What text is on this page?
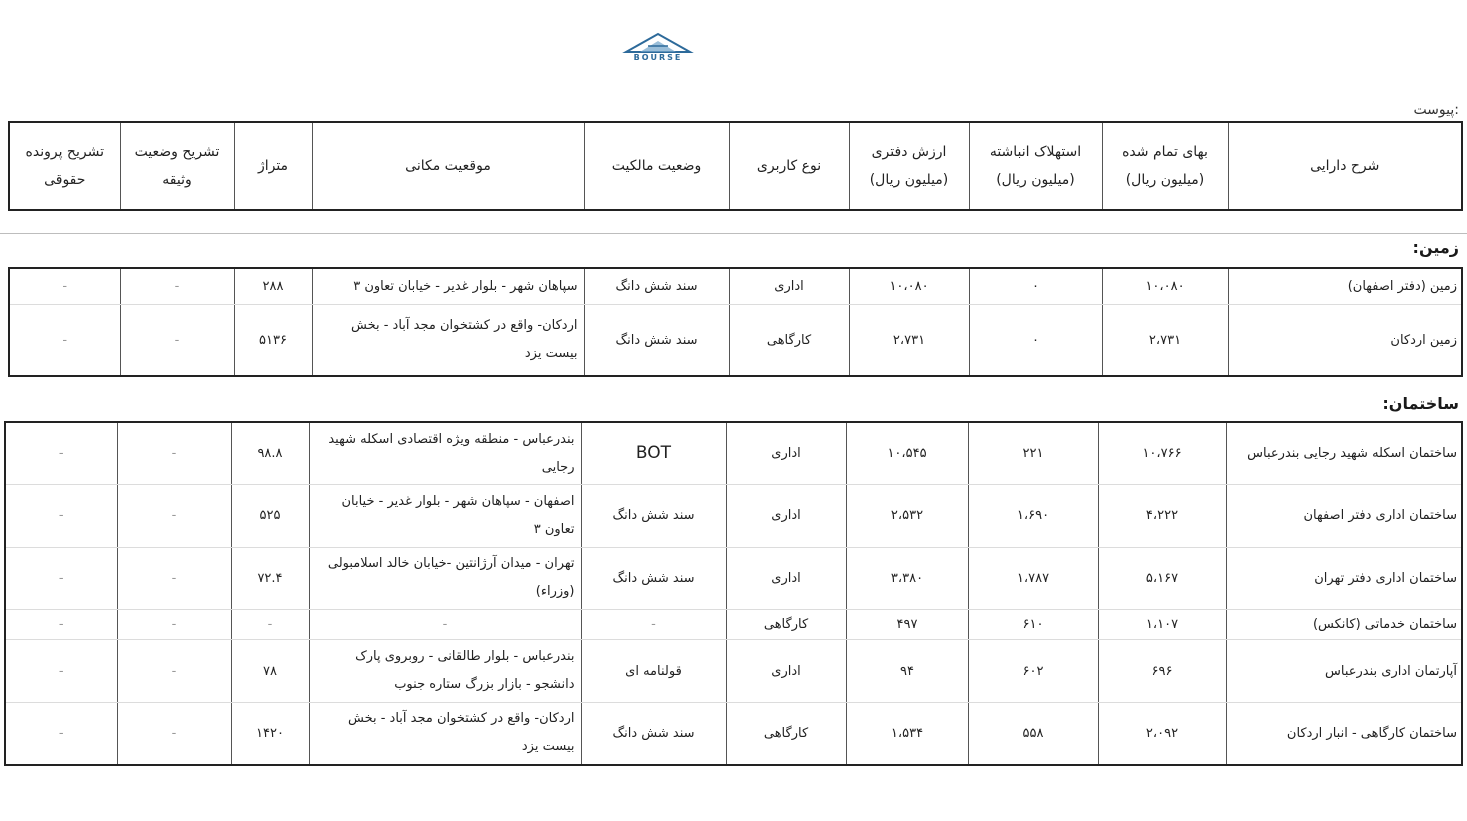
BOURSE
پیوست:
شرح دارایی	بهای تمام شده (میلیون ریال)	استهلاک انباشته (میلیون ریال)	ارزش دفتری (میلیون ریال)	نوع کاربری	وضعیت مالکیت	موقعیت مکانی	متراژ	تشریح وضعیت وثیقه	تشریح پرونده حقوقی
زمین:
زمین (دفتر اصفهان)	۱۰،۰۸۰	۰	۱۰،۰۸۰	اداری	سند شش دانگ	سپاهان شهر - بلوار غدیر - خیابان تعاون ۳	۲۸۸	-	-
زمین اردکان	۲،۷۳۱	۰	۲،۷۳۱	کارگاهی	سند شش دانگ	اردکان- واقع در کشتخوان مجد آباد - بخش بیست یزد	۵۱۳۶	-	-
ساختمان:
ساختمان اسکله شهید رجایی بندرعباس	۱۰،۷۶۶	۲۲۱	۱۰،۵۴۵	اداری	BOT	بندرعباس - منطقه ویژه اقتصادی اسکله شهید رجایی	۹۸.۸	-	-
ساختمان اداری دفتر اصفهان	۴،۲۲۲	۱،۶۹۰	۲،۵۳۲	اداری	سند شش دانگ	اصفهان - سپاهان شهر - بلوار غدیر - خیابان تعاون ۳	۵۲۵	-	-
ساختمان اداری دفتر تهران	۵،۱۶۷	۱،۷۸۷	۳،۳۸۰	اداری	سند شش دانگ	تهران - میدان آرژانتین -خیابان خالد اسلامبولی (وزراء)	۷۲.۴	-	-
ساختمان خدماتی (کانکس)	۱،۱۰۷	۶۱۰	۴۹۷	کارگاهی	-	-	-	-	-
آپارتمان اداری بندرعباس	۶۹۶	۶۰۲	۹۴	اداری	قولنامه ای	بندرعباس - بلوار طالقانی - روبروی پارک دانشجو - بازار بزرگ ستاره جنوب	۷۸	-	-
ساختمان کارگاهی - انبار اردکان	۲،۰۹۲	۵۵۸	۱،۵۳۴	کارگاهی	سند شش دانگ	اردکان- واقع در کشتخوان مجد آباد - بخش بیست یزد	۱۴۲۰	-	-
